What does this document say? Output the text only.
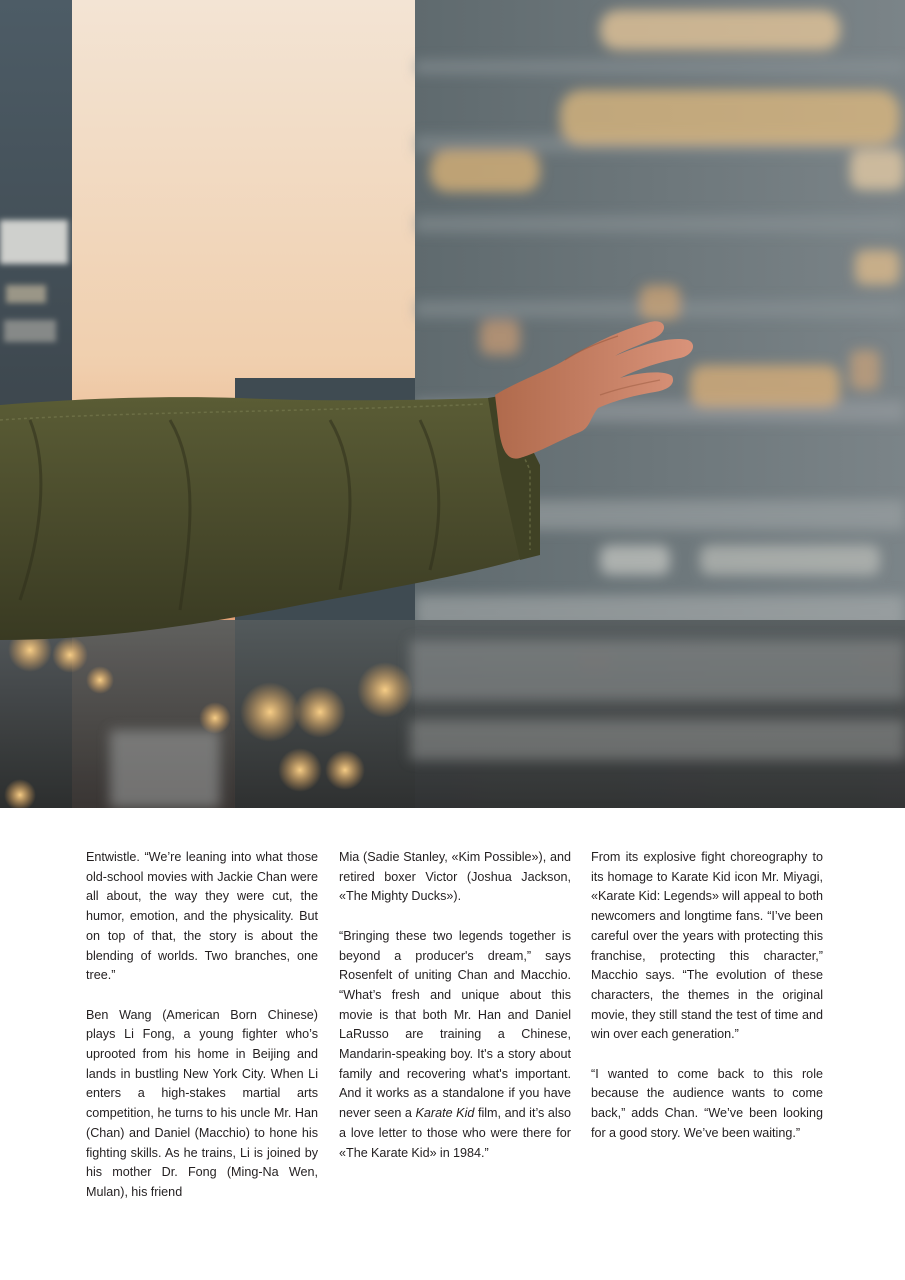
Entwistle. “We’re leaning into what those old-school movies with Jackie Chan were all about, the way they were cut, the humor, emotion, and the physicality. But on top of that, the story is about the blending of worlds. Two branches, one tree.”

Ben Wang (American Born Chinese) plays Li Fong, a young fighter who’s uprooted from his home in Beijing and lands in bustling New York City. When Li enters a high-stakes martial arts competition, he turns to his uncle Mr. Han (Chan) and Daniel (Macchio) to hone his fighting skills. As he trains, Li is joined by his mother Dr. Fong (Ming-Na Wen, Mulan), his friend

Mia (Sadie Stanley, «Kim Possible»), and retired boxer Victor (Joshua Jackson, «The Mighty Ducks»).

“Bringing these two legends together is beyond a producer's dream,” says Rosenfelt of uniting Chan and Macchio. “What’s fresh and unique about this movie is that both Mr. Han and Daniel LaRusso are training a Chinese, Mandarin-speaking boy. It's a story about family and recovering what's important. And it works as a standalone if you have never seen a Karate Kid film, and it’s also a love letter to those who were there for «The Karate Kid» in 1984.”

From its explosive fight choreography to its homage to Karate Kid icon Mr. Miyagi, «Karate Kid: Legends» will appeal to both newcomers and longtime fans. “I’ve been careful over the years with protecting this franchise, protecting this character,” Macchio says. “The evolution of these characters, the themes in the original movie, they still stand the test of time and win over each generation.”

“I wanted to come back to this role because the audience wants to come back,” adds Chan. “We’ve been looking for a good story. We’ve been waiting.”
